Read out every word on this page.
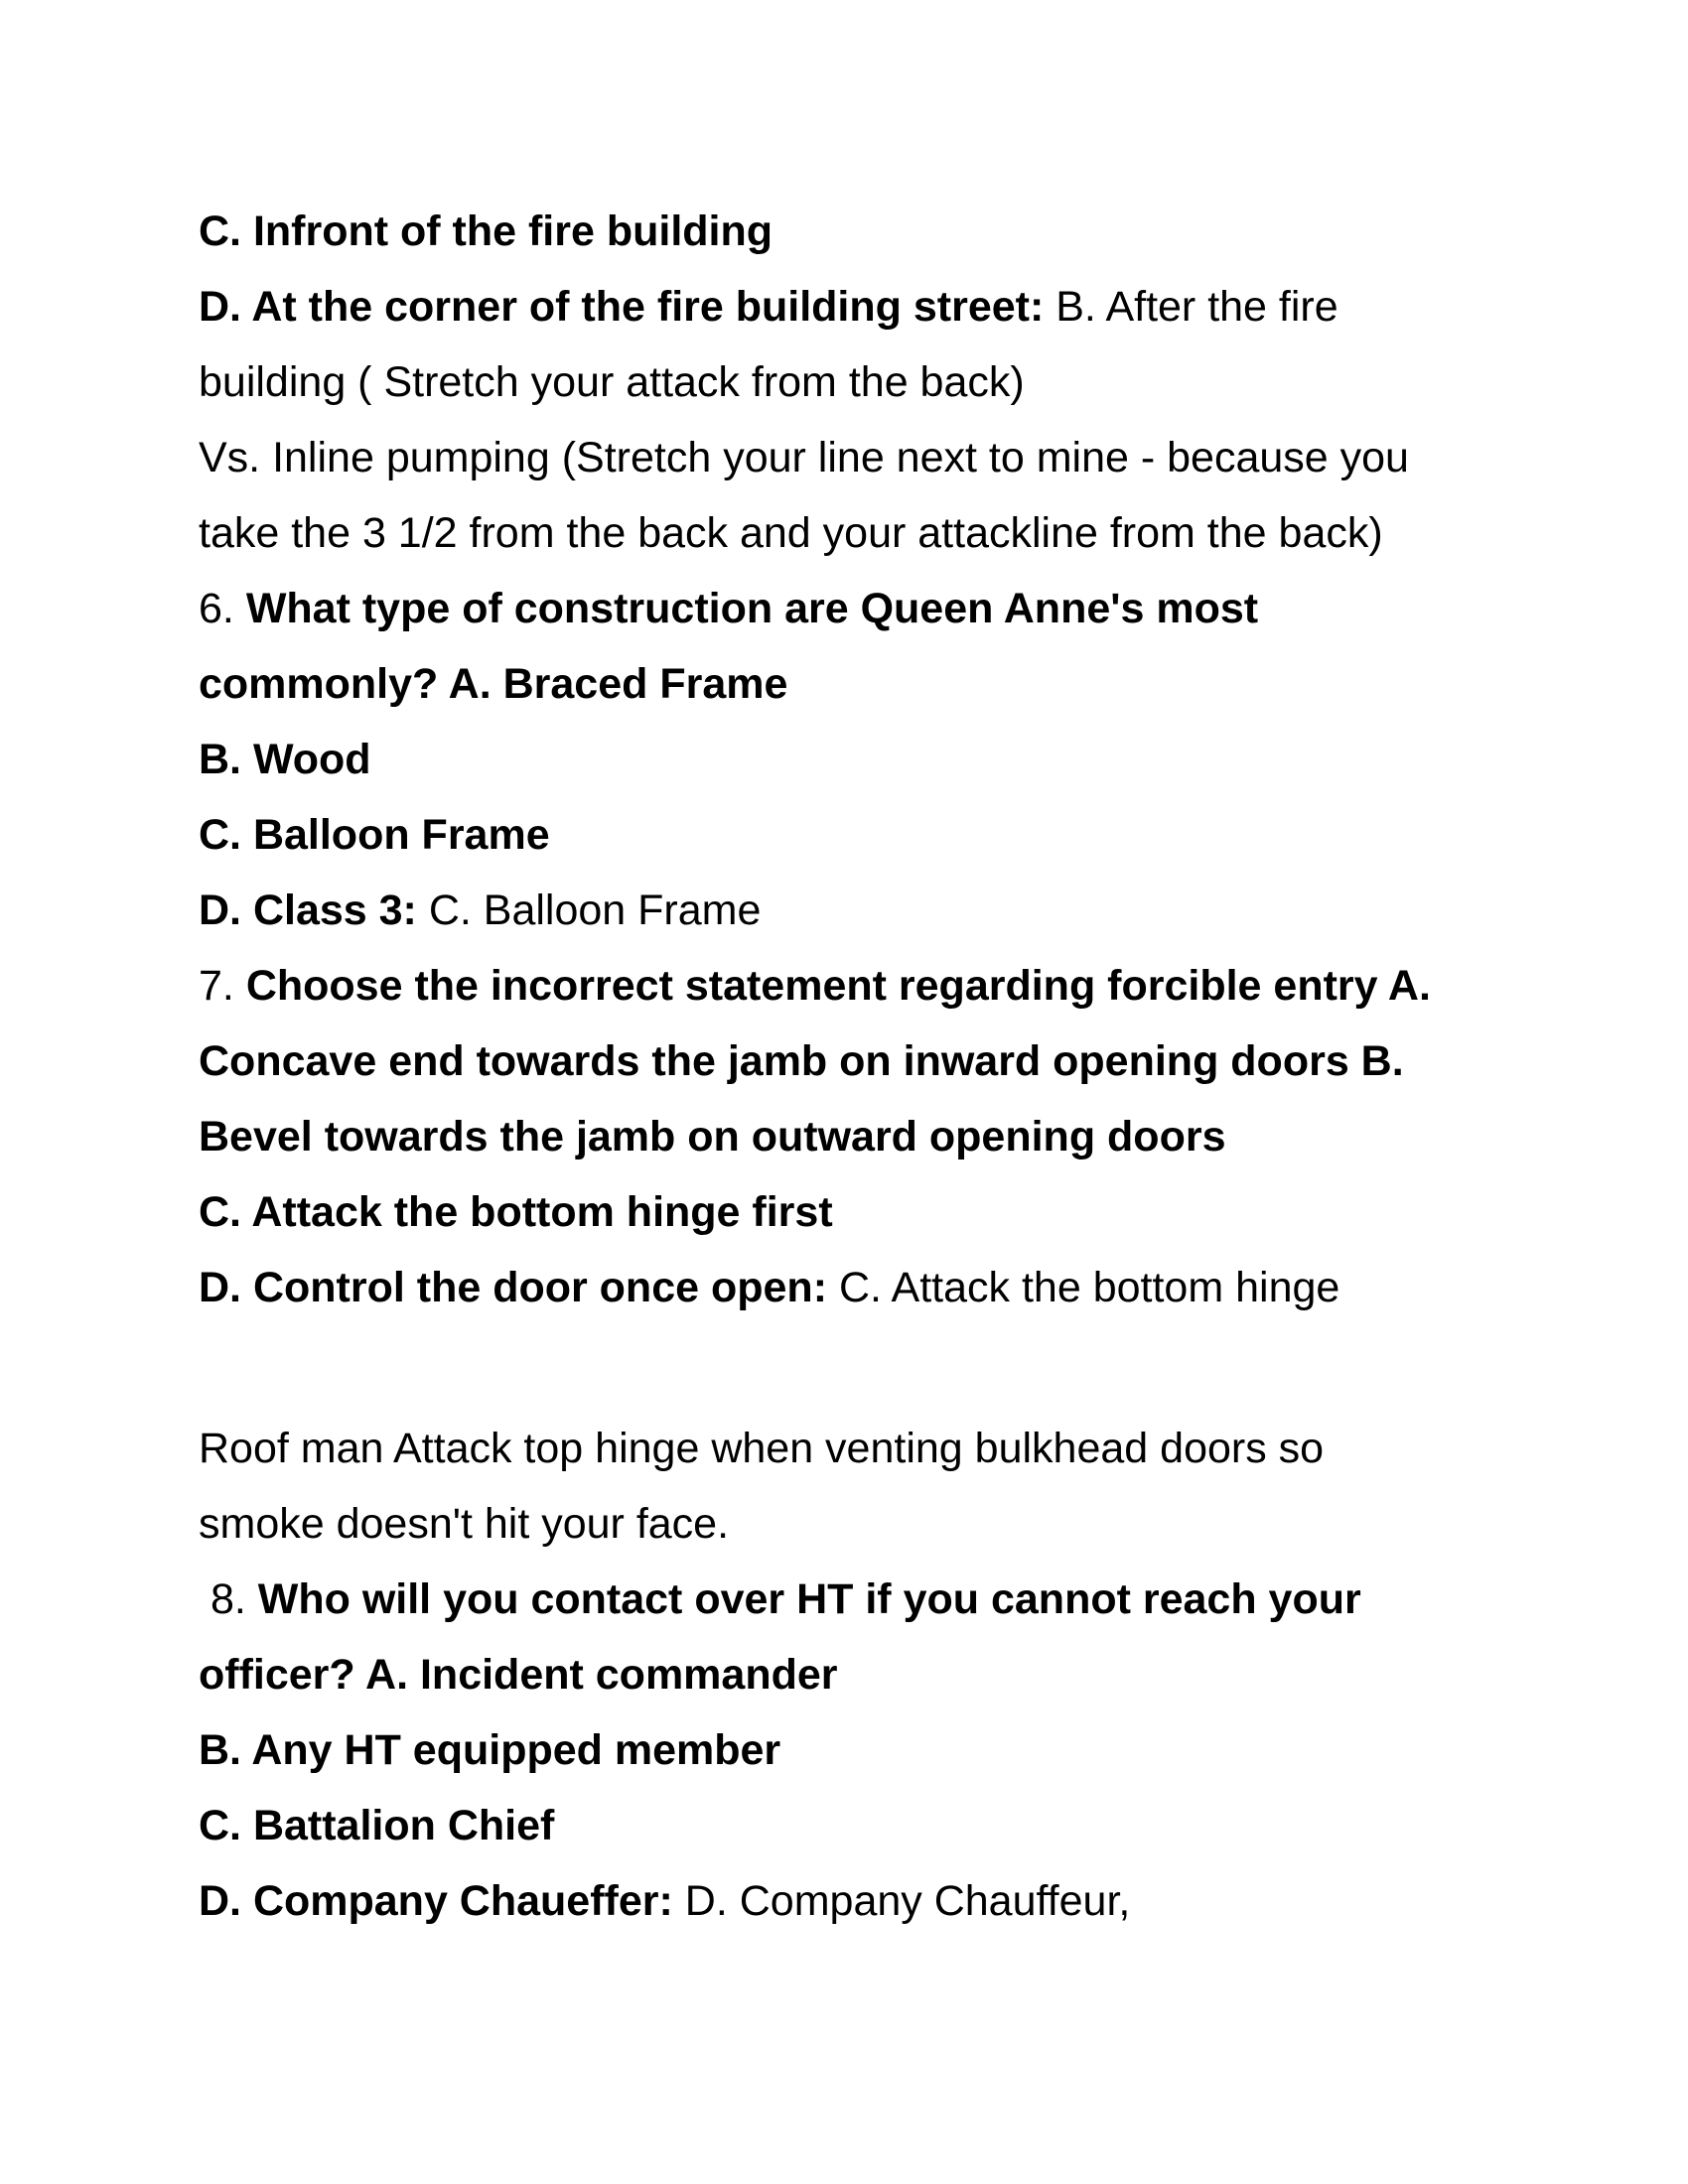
C. Infront of the fire building
D. At the corner of the fire building street: B. After the fire
building ( Stretch your attack from the back)
Vs. Inline pumping (Stretch your line next to mine - because you
take the 3 1/2 from the back and your attackline from the back)
6. What type of construction are Queen Anne's most
commonly? A. Braced Frame
B. Wood
C. Balloon Frame
D. Class 3: C. Balloon Frame
7. Choose the incorrect statement regarding forcible entry A.
Concave end towards the jamb on inward opening doors B.
Bevel towards the jamb on outward opening doors
C. Attack the bottom hinge first
D. Control the door once open: C. Attack the bottom hinge
Roof man Attack top hinge when venting bulkhead doors so
smoke doesn't hit your face.
8. Who will you contact over HT if you cannot reach your
officer? A. Incident commander
B. Any HT equipped member
C. Battalion Chief
D. Company Chaueffer: D. Company Chauffeur,
